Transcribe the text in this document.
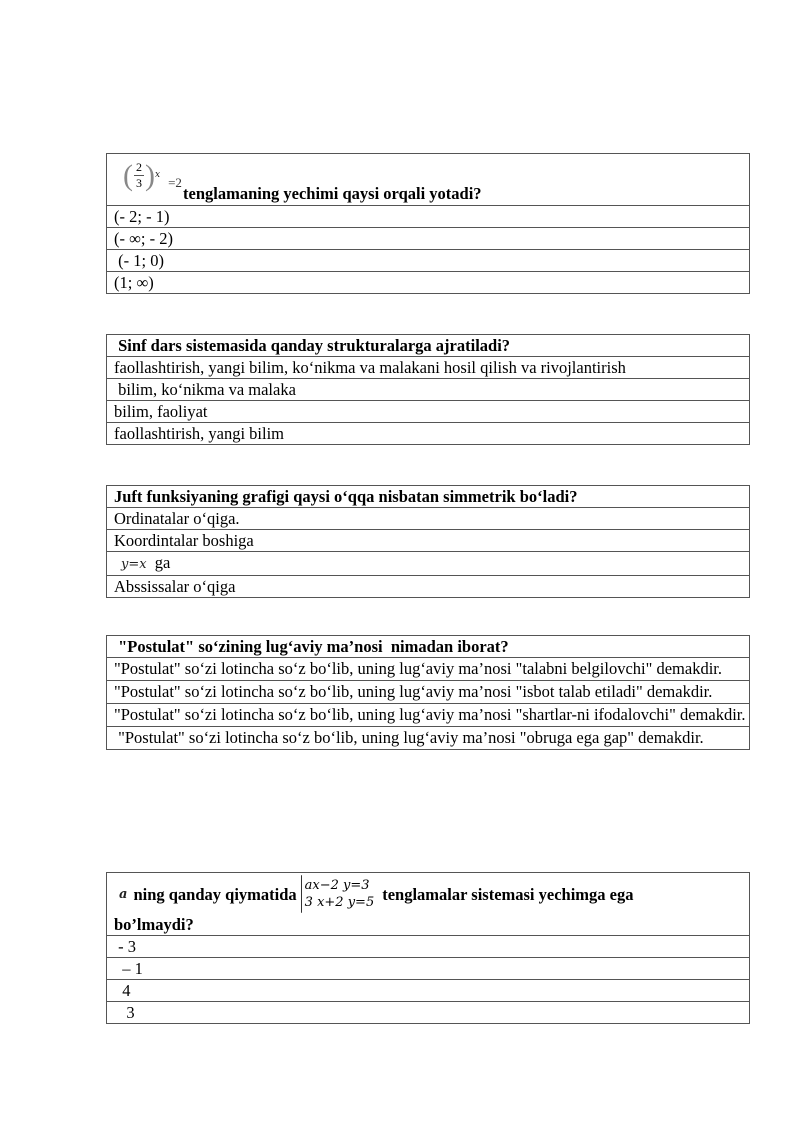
( $\frac{2}{3}$ ) x =2
tenglamaning yechimi qaysi orqali yotadi?

(- 2; - 1)
(- ∞; - 2)
(- 1; 0)
(1; ∞)
Sinf dars sistemasida qanday strukturalarga ajratiladi?
faollashtirish, yangi bilim, ko‘nikma va malakani hosil qilish va rivojlantirish
bilim, ko‘nikma va malaka
bilim, faoliyat
faollashtirish, yangi bilim
Juft funksiyaning grafigi qaysi o‘qqa nisbatan simmetrik bo‘ladi?
Ordinatalar o‘qiga.
Koordintalar boshiga
y=x ga
Abssissalar o‘qiga
"Postulat" so‘zining lug‘aviy ma’nosi  nimadan iborat?
"Postulat" so‘zi lotincha so‘z bo‘lib, uning lug‘aviy ma’nosi "talabni belgilovchi" demakdir.
"Postulat" so‘zi lotincha so‘z bo‘lib, uning lug‘aviy ma’nosi "isbot talab etiladi" demakdir.
"Postulat" so‘zi lotincha so‘z bo‘lib, uning lug‘aviy ma’nosi "shartlar-ni ifodalovchi" demakdir.
"Postulat" so‘zi lotincha so‘z bo‘lib, uning lug‘aviy ma’nosi "obruga ega gap" demakdir.
a ning qanday qiymatida ax−2 y=3
3 x+2 y=5 tenglamalar sistemasi yechimga ega
bo’lmaydi?

- 3
– 1
4
3
